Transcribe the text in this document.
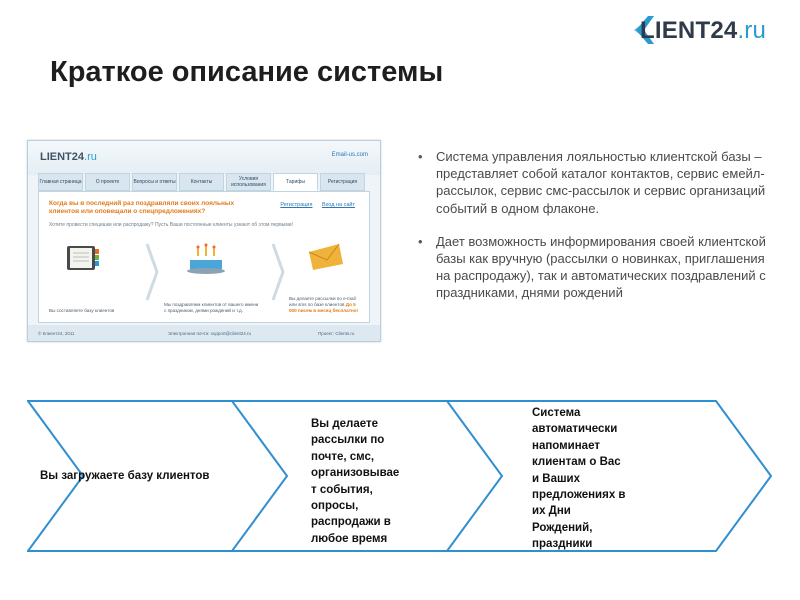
LIENT24.ru
Краткое описание системы
LIENT24.ru	Email-us.com
Главная страница	О проекте	Вопросы и ответы	Контакты	Условия использования	Тарифы	Регистрация
Когда вы в последний раз поздравляли своих лояльных клиентов или оповещали о спецпредложениях?
Регистрация Вход на сайт
Хотите провести специшки или распродажу? Пусть Ваши постоянные клиенты узнают об этом первыми!
Вы составляете базу клиентов
Мы поздравляем клиентов от вашего имени с праздником, днями рождений и т.д.
Вы делаете рассылки по e-mail или sms по базе клиентов До 5 000 писем в месяц бесплатно!
© Клиент24, 2011	Электронная почта: support@client24.ru	Проект: Clients.ru
• Система управления лояльностью клиентской базы – представляет собой каталог контактов, сервис емейл-рассылок, сервис смс-рассылок и сервис организаций событий в одном флаконе.
• Дает возможность информирования своей клиентской базы как вручную (рассылки о новинках, приглашения на распродажу), так и автоматических поздравлений с праздниками, днями рождений
Вы загружаете базу клиентов
Вы делаете
рассылки по
почте, смс,
организовывае
т события,
опросы,
распродажи в
любое время
Система
автоматически
напоминает
клиентам о Вас
и Ваших
предложениях в
их Дни
Рождений,
праздники
